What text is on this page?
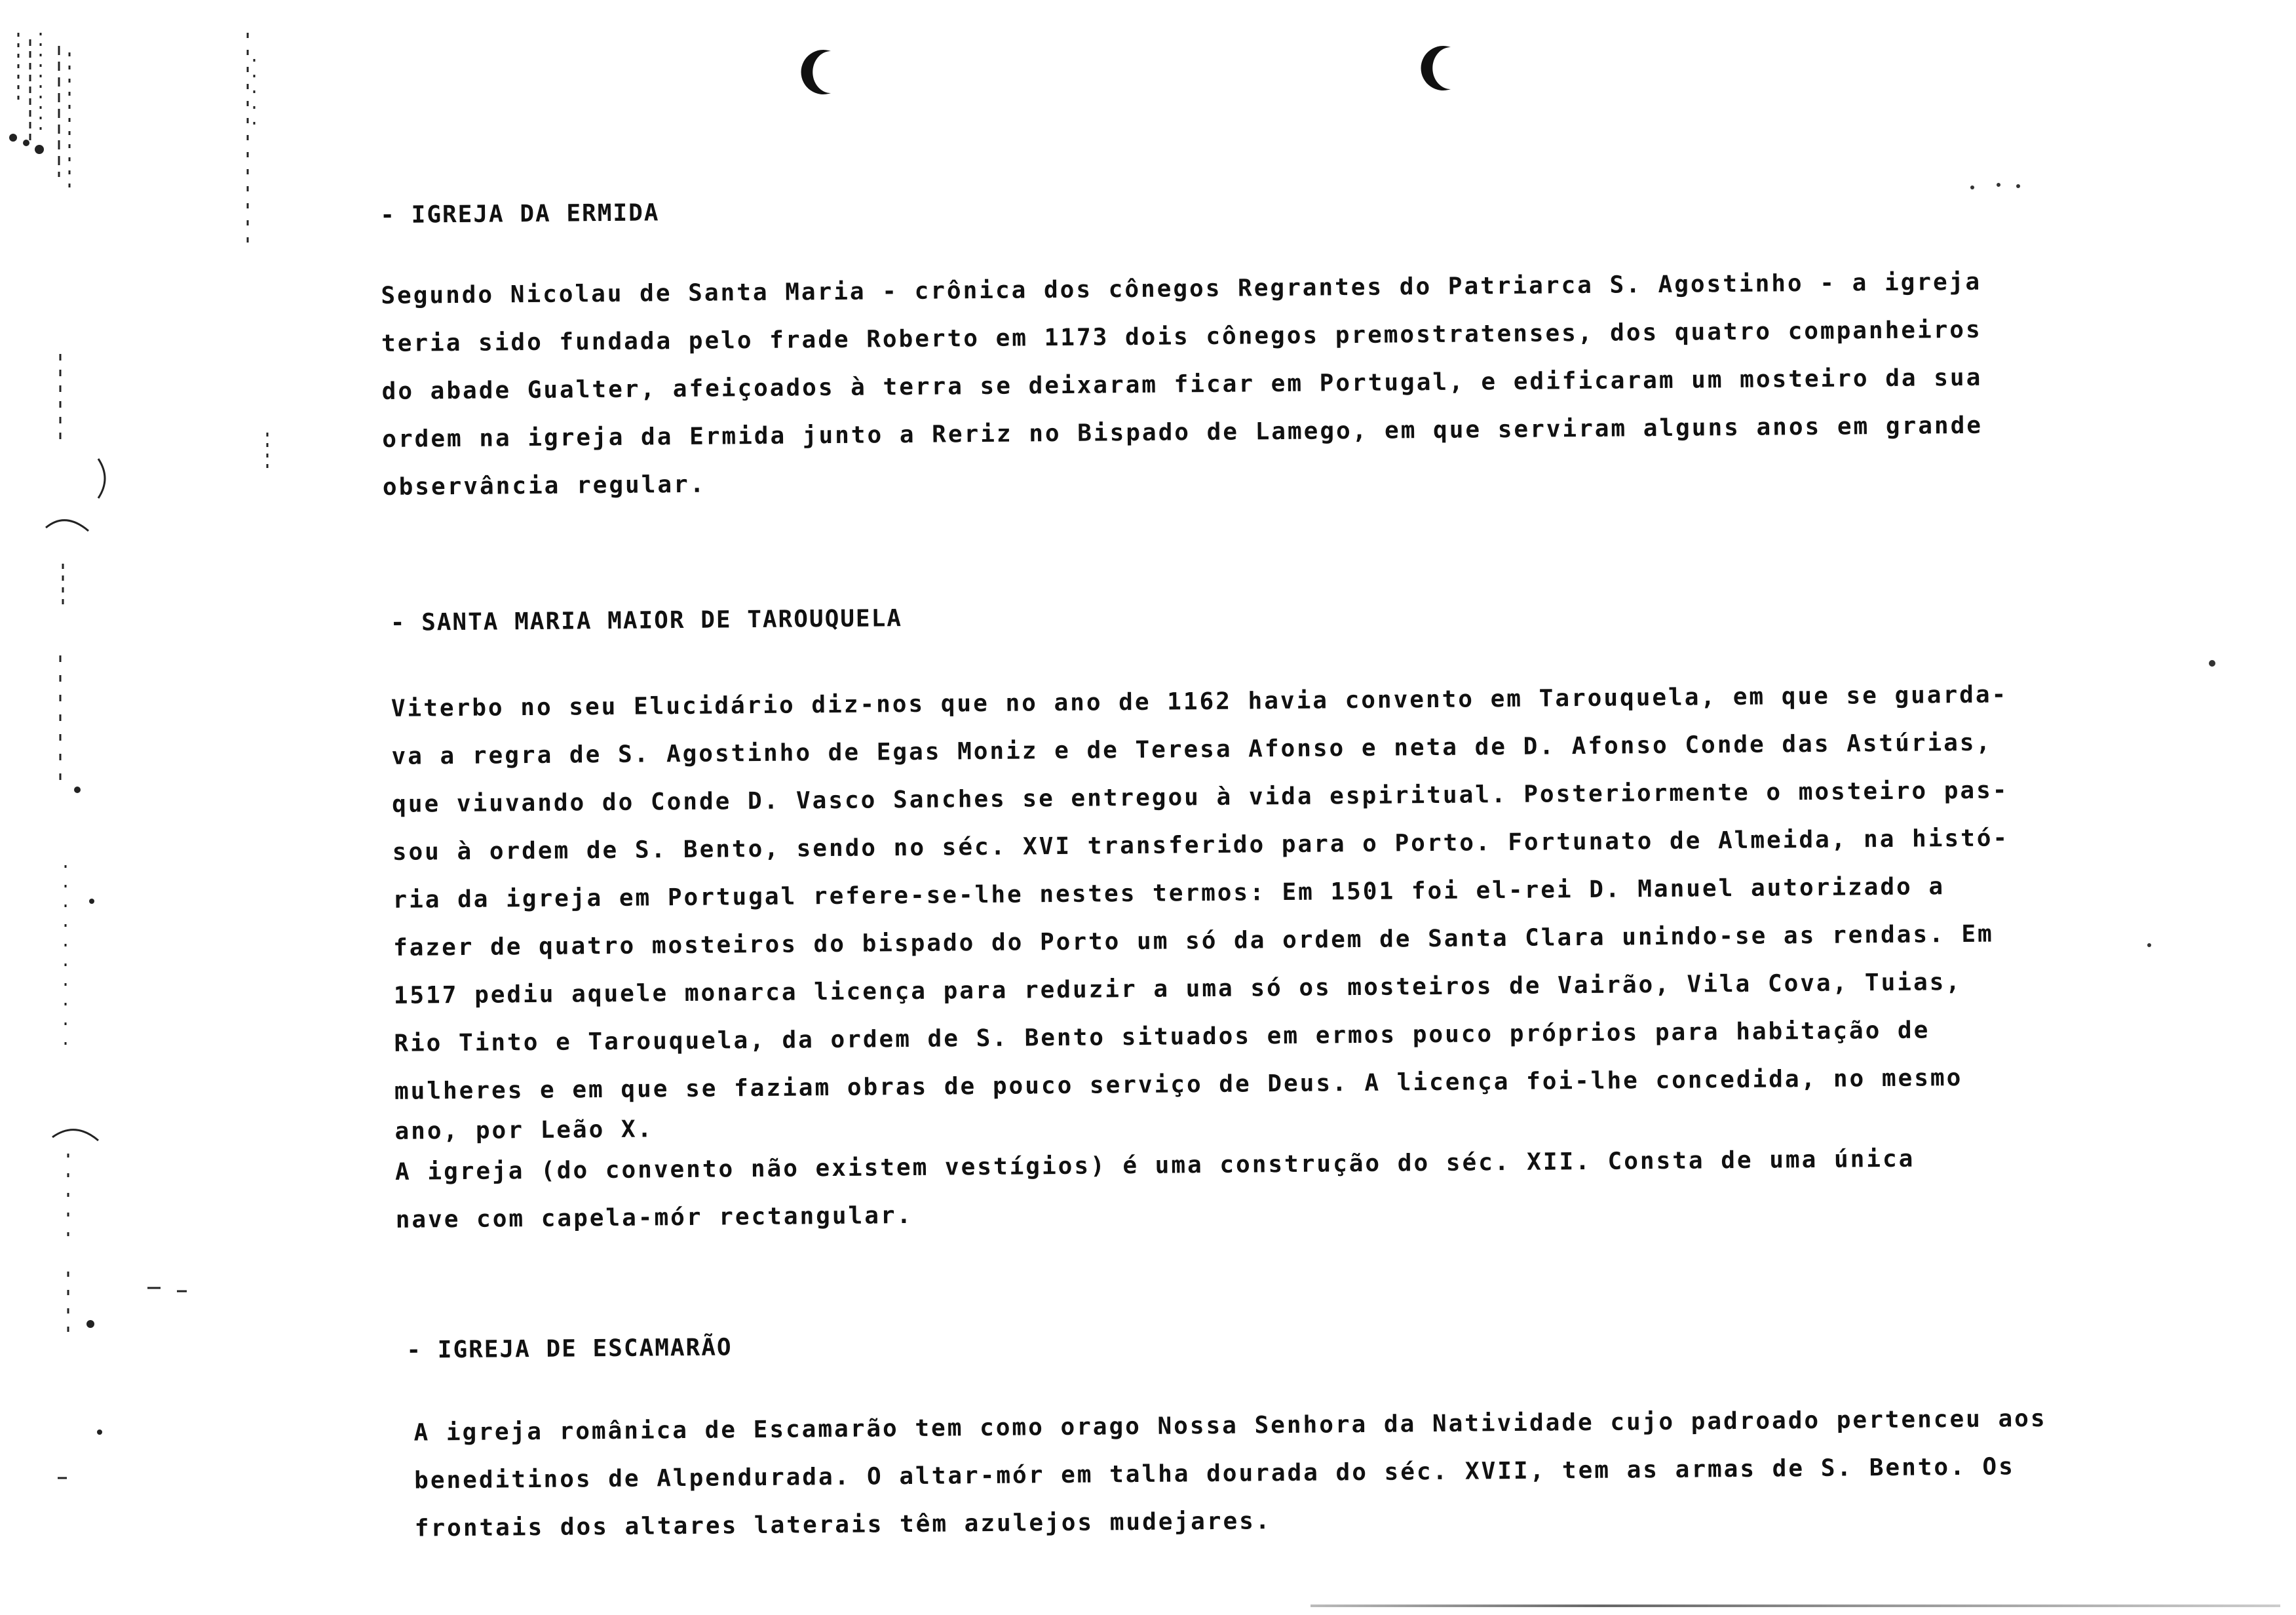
- IGREJA DA ERMIDA

Segundo Nicolau de Santa Maria - crônica dos cônegos Regrantes do Patriarca S. Agostinho - a igreja

teria sido fundada pelo frade Roberto em 1173 dois cônegos premostratenses, dos quatro companheiros

do abade Gualter, afeiçoados à terra se deixaram ficar em Portugal, e edificaram um mosteiro da sua

ordem na igreja da Ermida junto a Reriz no Bispado de Lamego, em que serviram alguns anos em grande

observância regular.

- SANTA MARIA MAIOR DE TAROUQUELA

Viterbo no seu Elucidário diz-nos que no ano de 1162 havia convento em Tarouquela, em que se guarda-

va a regra de S. Agostinho de Egas Moniz e de Teresa Afonso e neta de D. Afonso Conde das Astúrias,

que viuvando do Conde D. Vasco Sanches se entregou à vida espiritual. Posteriormente o mosteiro pas-

sou à ordem de S. Bento, sendo no séc. XVI transferido para o Porto. Fortunato de Almeida, na histó-

ria da igreja em Portugal refere-se-lhe nestes termos: Em 1501 foi el-rei D. Manuel autorizado a

fazer de quatro mosteiros do bispado do Porto um só da ordem de Santa Clara unindo-se as rendas. Em

1517 pediu aquele monarca licença para reduzir a uma só os mosteiros de Vairão, Vila Cova, Tuias,

Rio Tinto e Tarouquela, da ordem de S. Bento situados em ermos pouco próprios para habitação de

mulheres e em que se faziam obras de pouco serviço de Deus. A licença foi-lhe concedida, no mesmo

ano, por Leão X.

A igreja (do convento não existem vestígios) é uma construção do séc. XII. Consta de uma única

nave com capela-mór rectangular.

- IGREJA DE ESCAMARÃO

A igreja românica de Escamarão tem como orago Nossa Senhora da Natividade cujo padroado pertenceu aos

beneditinos de Alpendurada. O altar-mór em talha dourada do séc. XVII, tem as armas de S. Bento. Os

frontais dos altares laterais têm azulejos mudejares.
